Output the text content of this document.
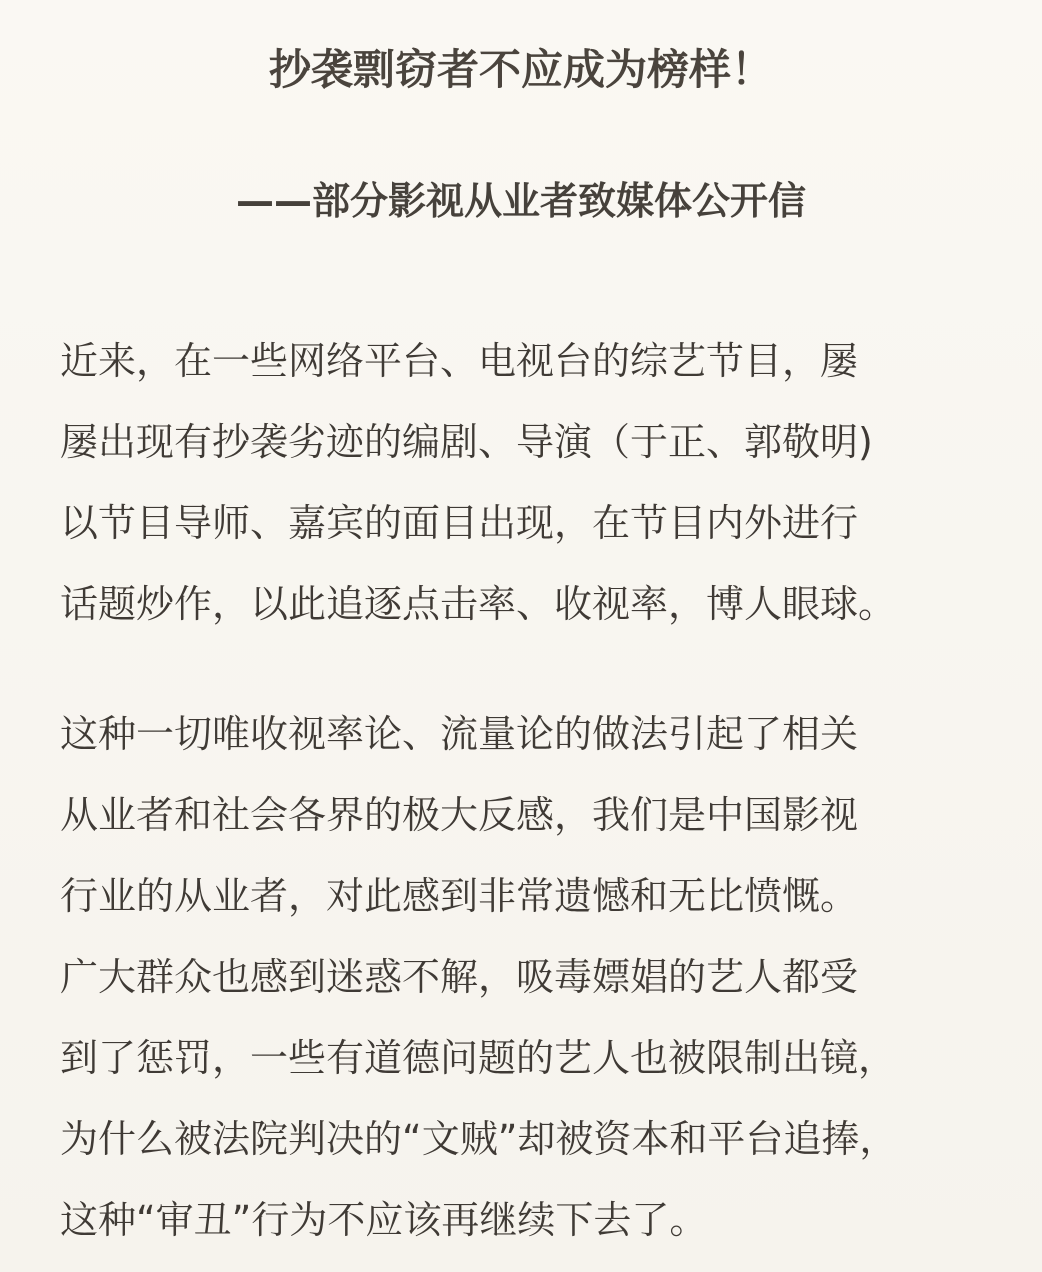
抄袭剽窃者不应成为榜样！
——部分影视从业者致媒体公开信
近来，在一些网络平台、电视台的综艺节目，屡
屡出现有抄袭劣迹的编剧、导演（于正、郭敬明)
以节目导师、嘉宾的面目出现，在节目内外进行
话题炒作，以此追逐点击率、收视率，博人眼球。
这种一切唯收视率论、流量论的做法引起了相关
从业者和社会各界的极大反感，我们是中国影视
行业的从业者，对此感到非常遗憾和无比愤慨。
广大群众也感到迷惑不解，吸毒嫖娼的艺人都受
到了惩罚，一些有道德问题的艺人也被限制出镜，
为什么被法院判决的“文贼”却被资本和平台追捧，
这种“审丑”行为不应该再继续下去了。
